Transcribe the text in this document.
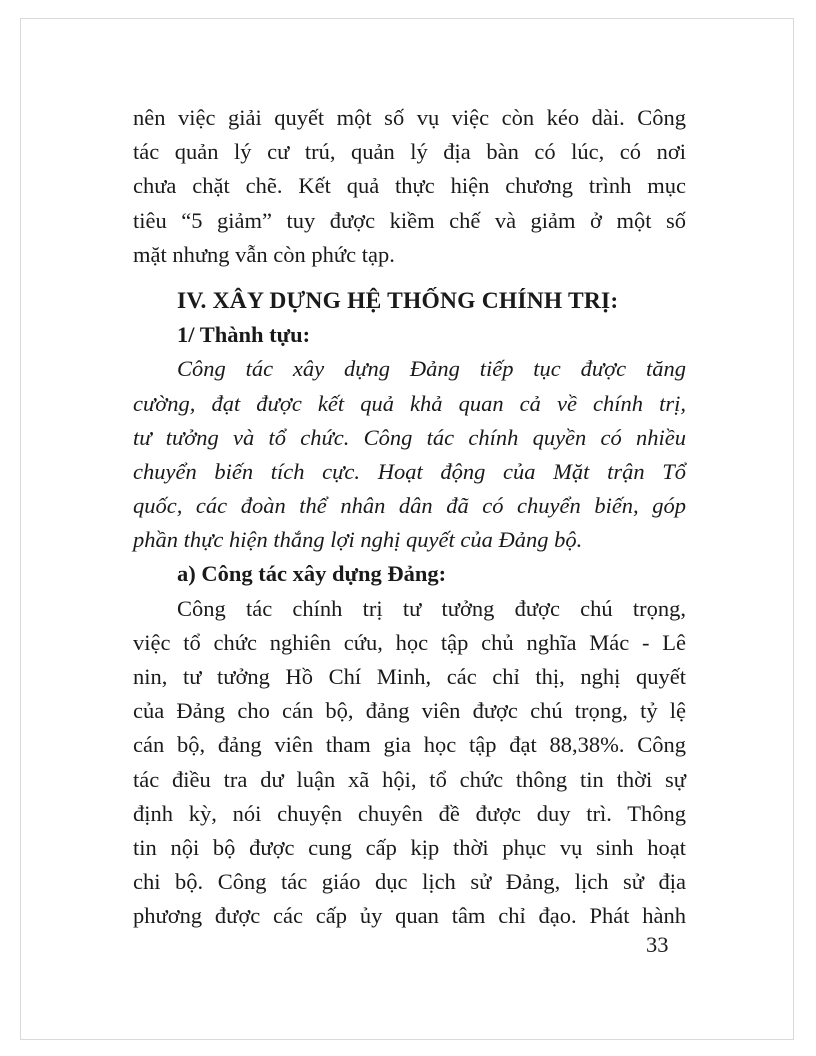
nên việc giải quyết một số vụ việc còn kéo dài. Công
tác quản lý cư trú, quản lý địa bàn có lúc, có nơi
chưa chặt chẽ. Kết quả thực hiện chương trình mục
tiêu “5 giảm” tuy được kiềm chế và giảm ở một số
mặt nhưng vẫn còn phức tạp.
IV. XÂY DỰNG HỆ THỐNG CHÍNH TRỊ:
1/ Thành tựu:
Công tác xây dựng Đảng tiếp tục được tăng
cường, đạt được kết quả khả quan cả về chính trị,
tư tưởng và tổ chức. Công tác chính quyền có nhiều
chuyển biến tích cực. Hoạt động của Mặt trận Tổ
quốc, các đoàn thể nhân dân đã có chuyển biến, góp
phần thực hiện thắng lợi nghị quyết của Đảng bộ.
a) Công tác xây dựng Đảng:
Công tác chính trị tư tưởng được chú trọng,
việc tổ chức nghiên cứu, học tập chủ nghĩa Mác - Lê
nin, tư tưởng Hồ Chí Minh, các chỉ thị, nghị quyết
của Đảng cho cán bộ, đảng viên được chú trọng, tỷ lệ
cán bộ, đảng viên tham gia học tập đạt 88,38%. Công
tác điều tra dư luận xã hội, tổ chức thông tin thời sự
định kỳ, nói chuyện chuyên đề được duy trì. Thông
tin nội bộ được cung cấp kịp thời phục vụ sinh hoạt
chi bộ. Công tác giáo dục lịch sử Đảng, lịch sử địa
phương được các cấp ủy quan tâm chỉ đạo. Phát hành
33
